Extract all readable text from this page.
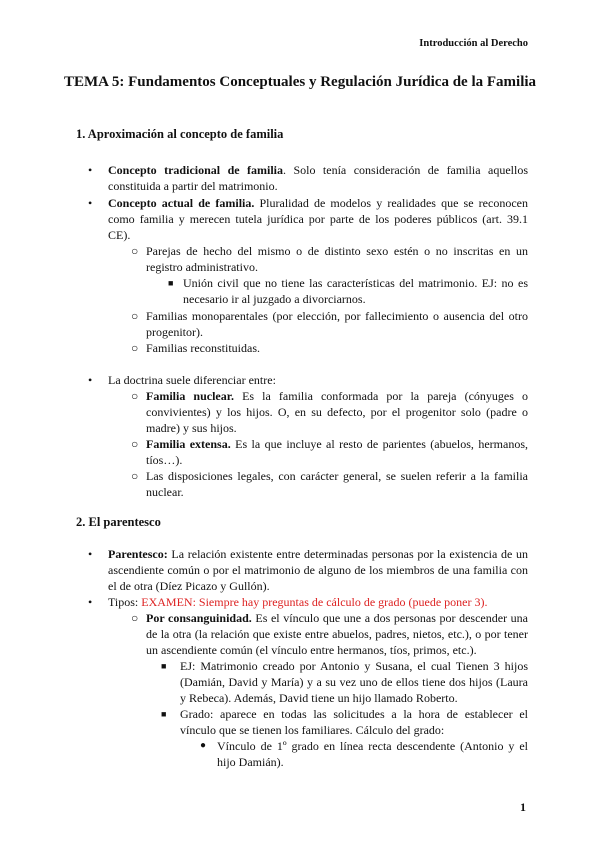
Introducción al Derecho
TEMA 5: Fundamentos Conceptuales y Regulación Jurídica de la Familia
1. Aproximación al concepto de familia
• Concepto tradicional de familia. Solo tenía consideración de familia aquellos
constituida a partir del matrimonio.
• Concepto actual de familia. Pluralidad de modelos y realidades que se reconocen
como familia y merecen tutela jurídica por parte de los poderes públicos (art. 39.1
CE).
○ Parejas de hecho del mismo o de distinto sexo estén o no inscritas en un
registro administrativo.
■ Unión civil que no tiene las características del matrimonio. EJ: no es
necesario ir al juzgado a divorciarnos.
○ Familias monoparentales (por elección, por fallecimiento o ausencia del otro
progenitor).
○ Familias reconstituidas.
• La doctrina suele diferenciar entre:
○ Familia nuclear. Es la familia conformada por la pareja (cónyuges o
convivientes) y los hijos. O, en su defecto, por el progenitor solo (padre o
madre) y sus hijos.
○ Familia extensa. Es la que incluye al resto de parientes (abuelos, hermanos,
tíos…).
○ Las disposiciones legales, con carácter general, se suelen referir a la familia
nuclear.
2. El parentesco
• Parentesco: La relación existente entre determinadas personas por la existencia de un
ascendiente común o por el matrimonio de alguno de los miembros de una familia con
el de otra (Díez Picazo y Gullón).
• Tipos: EXAMEN: Siempre hay preguntas de cálculo de grado (puede poner 3).
○ Por consanguinidad. Es el vínculo que une a dos personas por descender una
de la otra (la relación que existe entre abuelos, padres, nietos, etc.), o por tener
un ascendiente común (el vínculo entre hermanos, tíos, primos, etc.).
■ EJ: Matrimonio creado por Antonio y Susana, el cual Tienen 3 hijos
(Damián, David y María) y a su vez uno de ellos tiene dos hijos (Laura
y Rebeca). Además, David tiene un hijo llamado Roberto.
■ Grado: aparece en todas las solicitudes a la hora de establecer el
vínculo que se tienen los familiares. Cálculo del grado:
● Vínculo de 1º grado en línea recta descendente (Antonio y el
hijo Damián).
1
